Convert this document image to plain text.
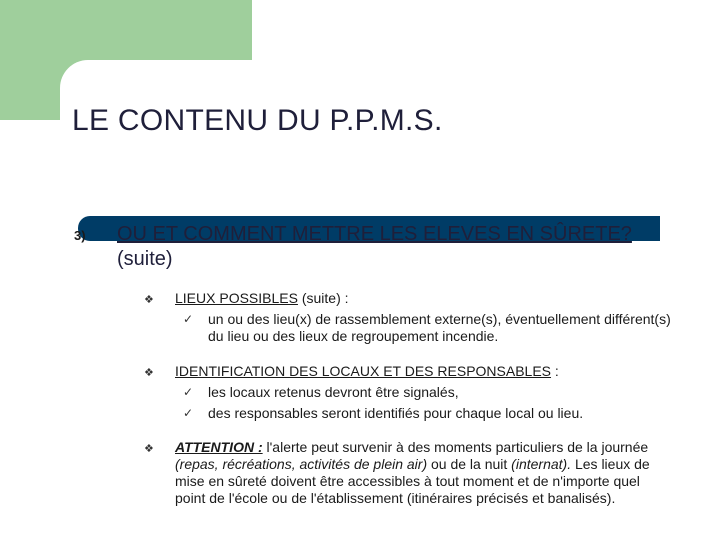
LE CONTENU DU P.P.M.S.
3) OU ET COMMENT METTRE LES ELEVES EN SÛRETE? (suite)
❖ LIEUX POSSIBLES (suite) :
✓ un ou des lieu(x) de rassemblement externe(s), éventuellement différent(s) du lieu ou des lieux de regroupement incendie.
❖ IDENTIFICATION DES LOCAUX ET DES RESPONSABLES :
✓ les locaux retenus devront être signalés,
✓ des responsables seront identifiés pour chaque local ou lieu.
❖ ATTENTION : l'alerte peut survenir à des moments particuliers de la journée (repas, récréations, activités de plein air) ou de la nuit (internat). Les lieux de mise en sûreté doivent être accessibles à tout moment et de n'importe quel point de l'école ou de l'établissement (itinéraires précisés et banalisés).
